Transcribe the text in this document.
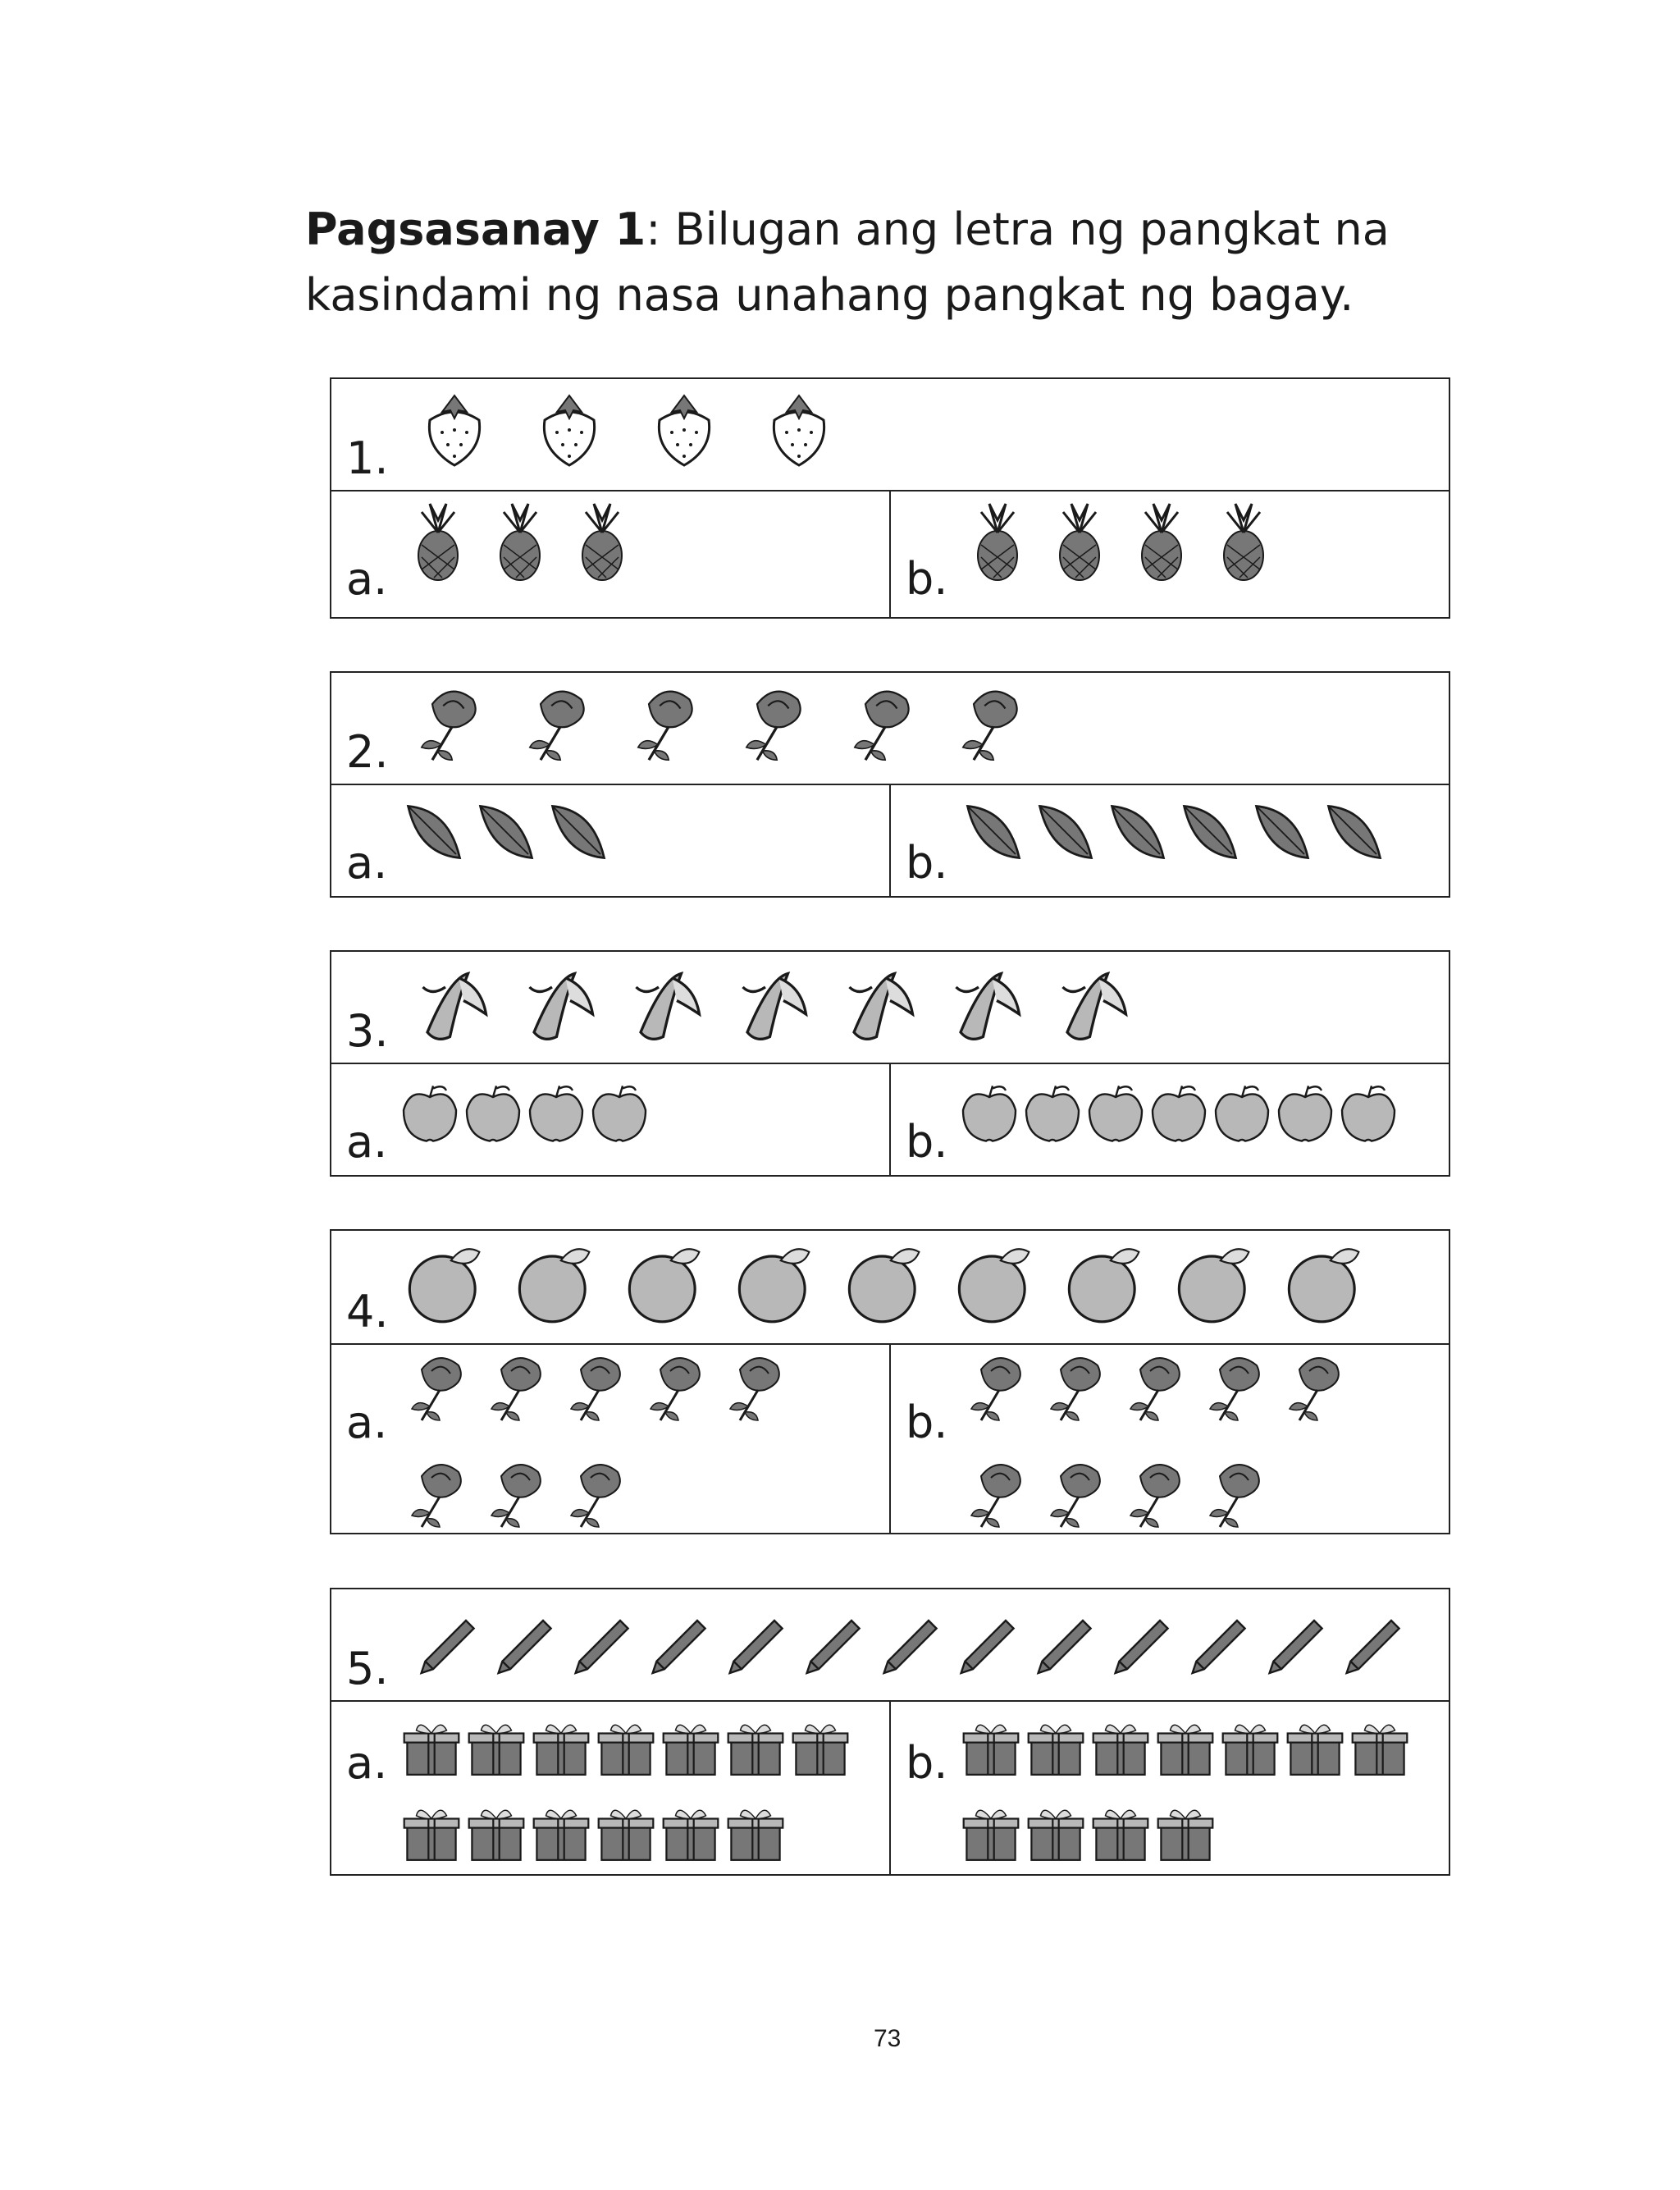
Pagsasanay 1: Bilugan ang letra ng pangkat na
kasindami ng nasa unahang pangkat ng bagay.
1.
a.	b.
2.
a.	b.
3.
a.	b.
4.
a.	b.
5.
a.	b.
73
